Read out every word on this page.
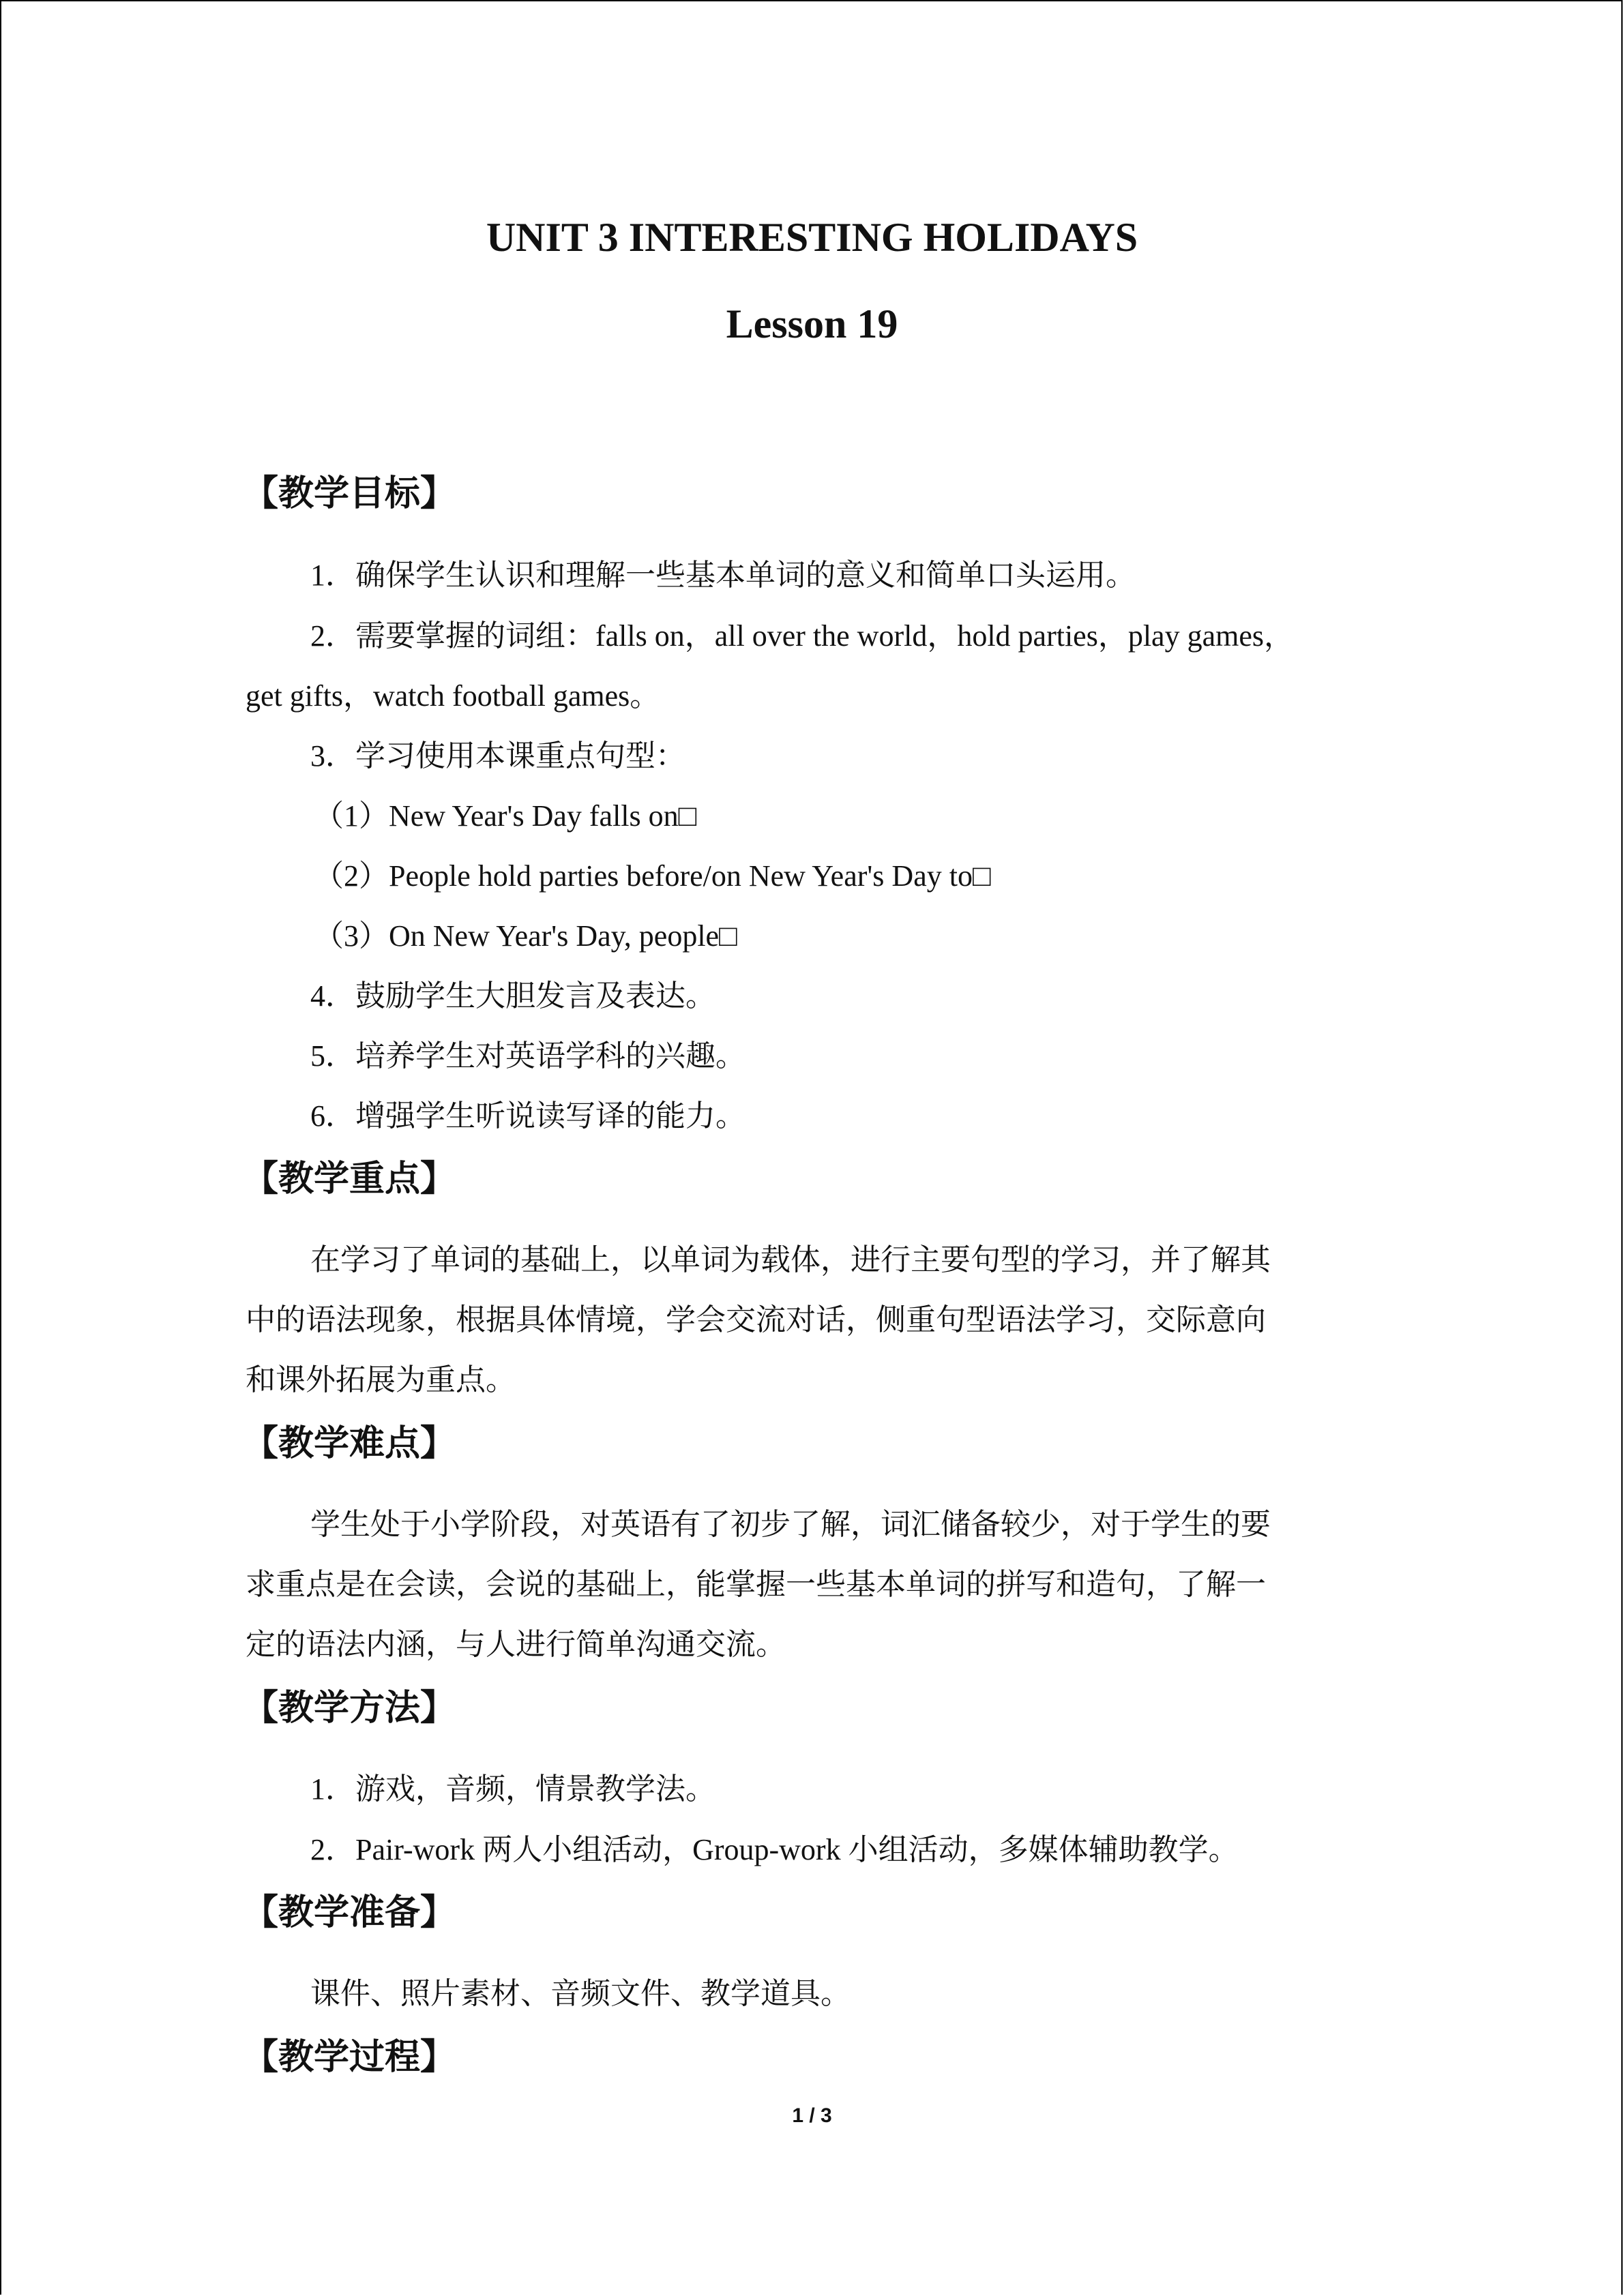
UNIT 3 INTERESTING HOLIDAYS
Lesson 19
【教学目标】
1．确保学生认识和理解一些基本单词的意义和简单口头运用。
2．需要掌握的词组：falls on，all over the world，hold parties，play games，
get gifts，watch football games。
3．学习使用本课重点句型：
（1）New Year's Day falls on□
（2）People hold parties before/on New Year's Day to□
（3）On New Year's Day, people□
4．鼓励学生大胆发言及表达。
5．培养学生对英语学科的兴趣。
6．增强学生听说读写译的能力。
【教学重点】
在学习了单词的基础上，以单词为载体，进行主要句型的学习，并了解其
中的语法现象，根据具体情境，学会交流对话，侧重句型语法学习，交际意向
和课外拓展为重点。
【教学难点】
学生处于小学阶段，对英语有了初步了解，词汇储备较少，对于学生的要
求重点是在会读，会说的基础上，能掌握一些基本单词的拼写和造句，了解一
定的语法内涵，与人进行简单沟通交流。
【教学方法】
1．游戏，音频，情景教学法。
2．Pair-work 两人小组活动，Group-work 小组活动，多媒体辅助教学。
【教学准备】
课件、照片素材、音频文件、教学道具。
【教学过程】
1 / 3
